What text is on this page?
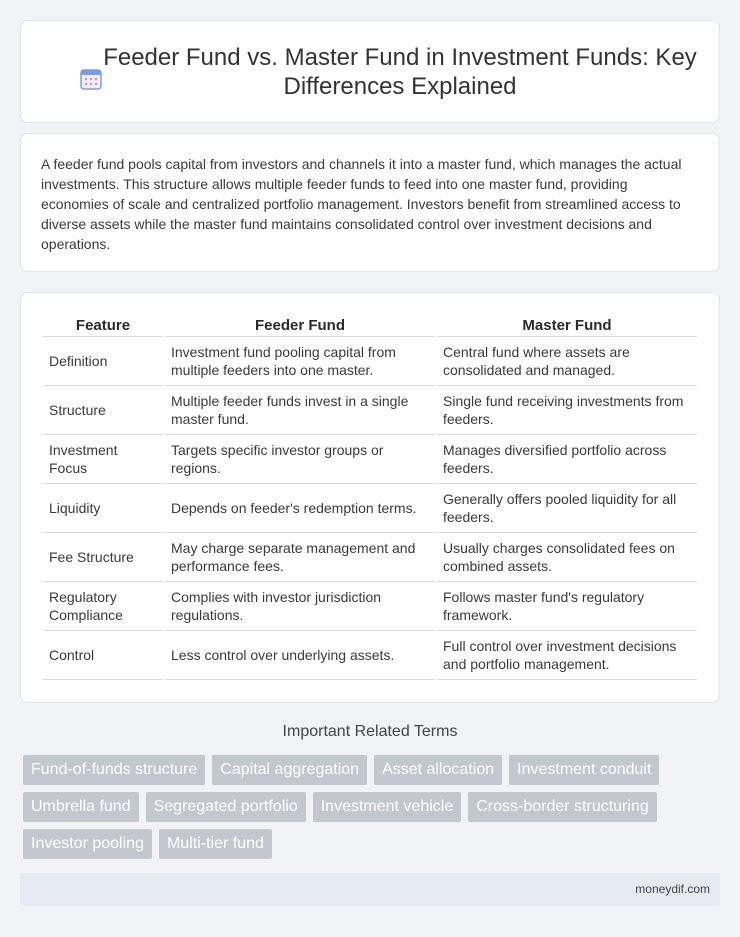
Feeder Fund vs. Master Fund in Investment Funds: Key Differences Explained

A feeder fund pools capital from investors and channels it into a master fund, which manages the actual investments. This structure allows multiple feeder funds to feed into one master fund, providing economies of scale and centralized portfolio management. Investors benefit from streamlined access to diverse assets while the master fund maintains consolidated control over investment decisions and operations.

Feature	Feeder Fund	Master Fund
Definition	Investment fund pooling capital from multiple feeders into one master.	Central fund where assets are consolidated and managed.
Structure	Multiple feeder funds invest in a single master fund.	Single fund receiving investments from feeders.
Investment Focus	Targets specific investor groups or regions.	Manages diversified portfolio across feeders.
Liquidity	Depends on feeder's redemption terms.	Generally offers pooled liquidity for all feeders.
Fee Structure	May charge separate management and performance fees.	Usually charges consolidated fees on combined assets.
Regulatory Compliance	Complies with investor jurisdiction regulations.	Follows master fund's regulatory framework.
Control	Less control over underlying assets.	Full control over investment decisions and portfolio management.
Important Related Terms
Fund-of-funds structure	Capital aggregation	Asset allocation	Investment conduit
Umbrella fund	Segregated portfolio	Investment vehicle	Cross-border structuring
Investor pooling	Multi-tier fund
moneydif.com
